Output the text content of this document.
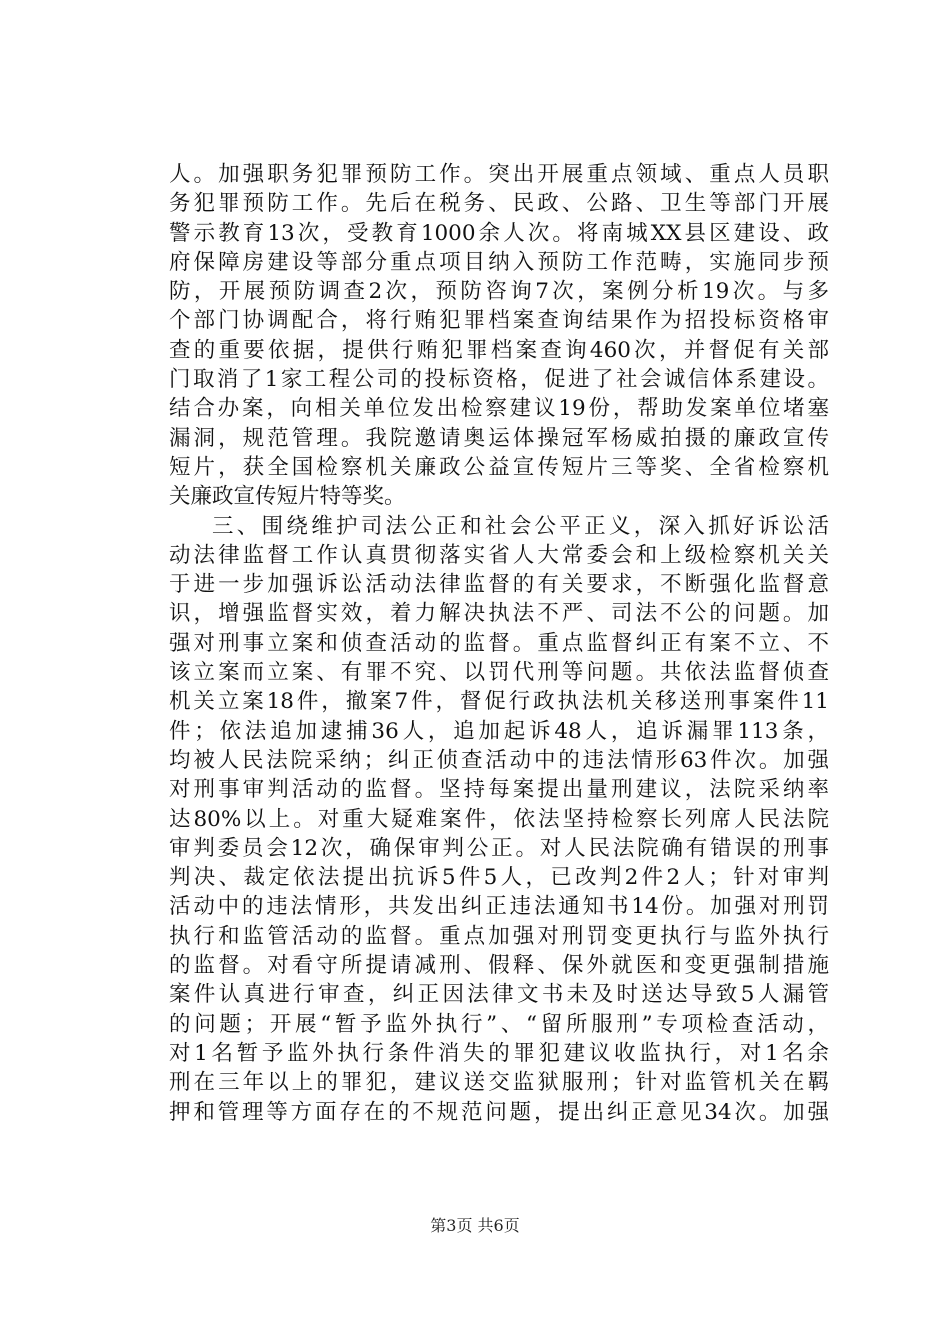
人。加强职务犯罪预防工作。突出开展重点领域、重点人员职
务犯罪预防工作。先后在税务、民政、公路、卫生等部门开展
警示教育13次，受教育1000余人次。将南城XX县区建设、政
府保障房建设等部分重点项目纳入预防工作范畴，实施同步预
防，开展预防调查2次，预防咨询7次，案例分析19次。与多
个部门协调配合，将行贿犯罪档案查询结果作为招投标资格审
查的重要依据，提供行贿犯罪档案查询460次，并督促有关部
门取消了1家工程公司的投标资格，促进了社会诚信体系建设。
结合办案，向相关单位发出检察建议19份，帮助发案单位堵塞
漏洞，规范管理。我院邀请奥运体操冠军杨威拍摄的廉政宣传
短片，获全国检察机关廉政公益宣传短片三等奖、全省检察机
关廉政宣传短片特等奖。
三、围绕维护司法公正和社会公平正义，深入抓好诉讼活
动法律监督工作认真贯彻落实省人大常委会和上级检察机关关
于进一步加强诉讼活动法律监督的有关要求，不断强化监督意
识，增强监督实效，着力解决执法不严、司法不公的问题。加
强对刑事立案和侦查活动的监督。重点监督纠正有案不立、不
该立案而立案、有罪不究、以罚代刑等问题。共依法监督侦查
机关立案18件，撤案7件，督促行政执法机关移送刑事案件11
件；依法追加逮捕36人，追加起诉48人，追诉漏罪113条，
均被人民法院采纳；纠正侦查活动中的违法情形63件次。加强
对刑事审判活动的监督。坚持每案提出量刑建议，法院采纳率
达80%以上。对重大疑难案件，依法坚持检察长列席人民法院
审判委员会12次，确保审判公正。对人民法院确有错误的刑事
判决、裁定依法提出抗诉5件5人，已改判2件2人；针对审判
活动中的违法情形，共发出纠正违法通知书14份。加强对刑罚
执行和监管活动的监督。重点加强对刑罚变更执行与监外执行
的监督。对看守所提请减刑、假释、保外就医和变更强制措施
案件认真进行审查，纠正因法律文书未及时送达导致5人漏管
的问题；开展“暂予监外执行”、“留所服刑”专项检查活动，
对1名暂予监外执行条件消失的罪犯建议收监执行，对1名余
刑在三年以上的罪犯，建议送交监狱服刑；针对监管机关在羁
押和管理等方面存在的不规范问题，提出纠正意见34次。加强
第3页 共6页
